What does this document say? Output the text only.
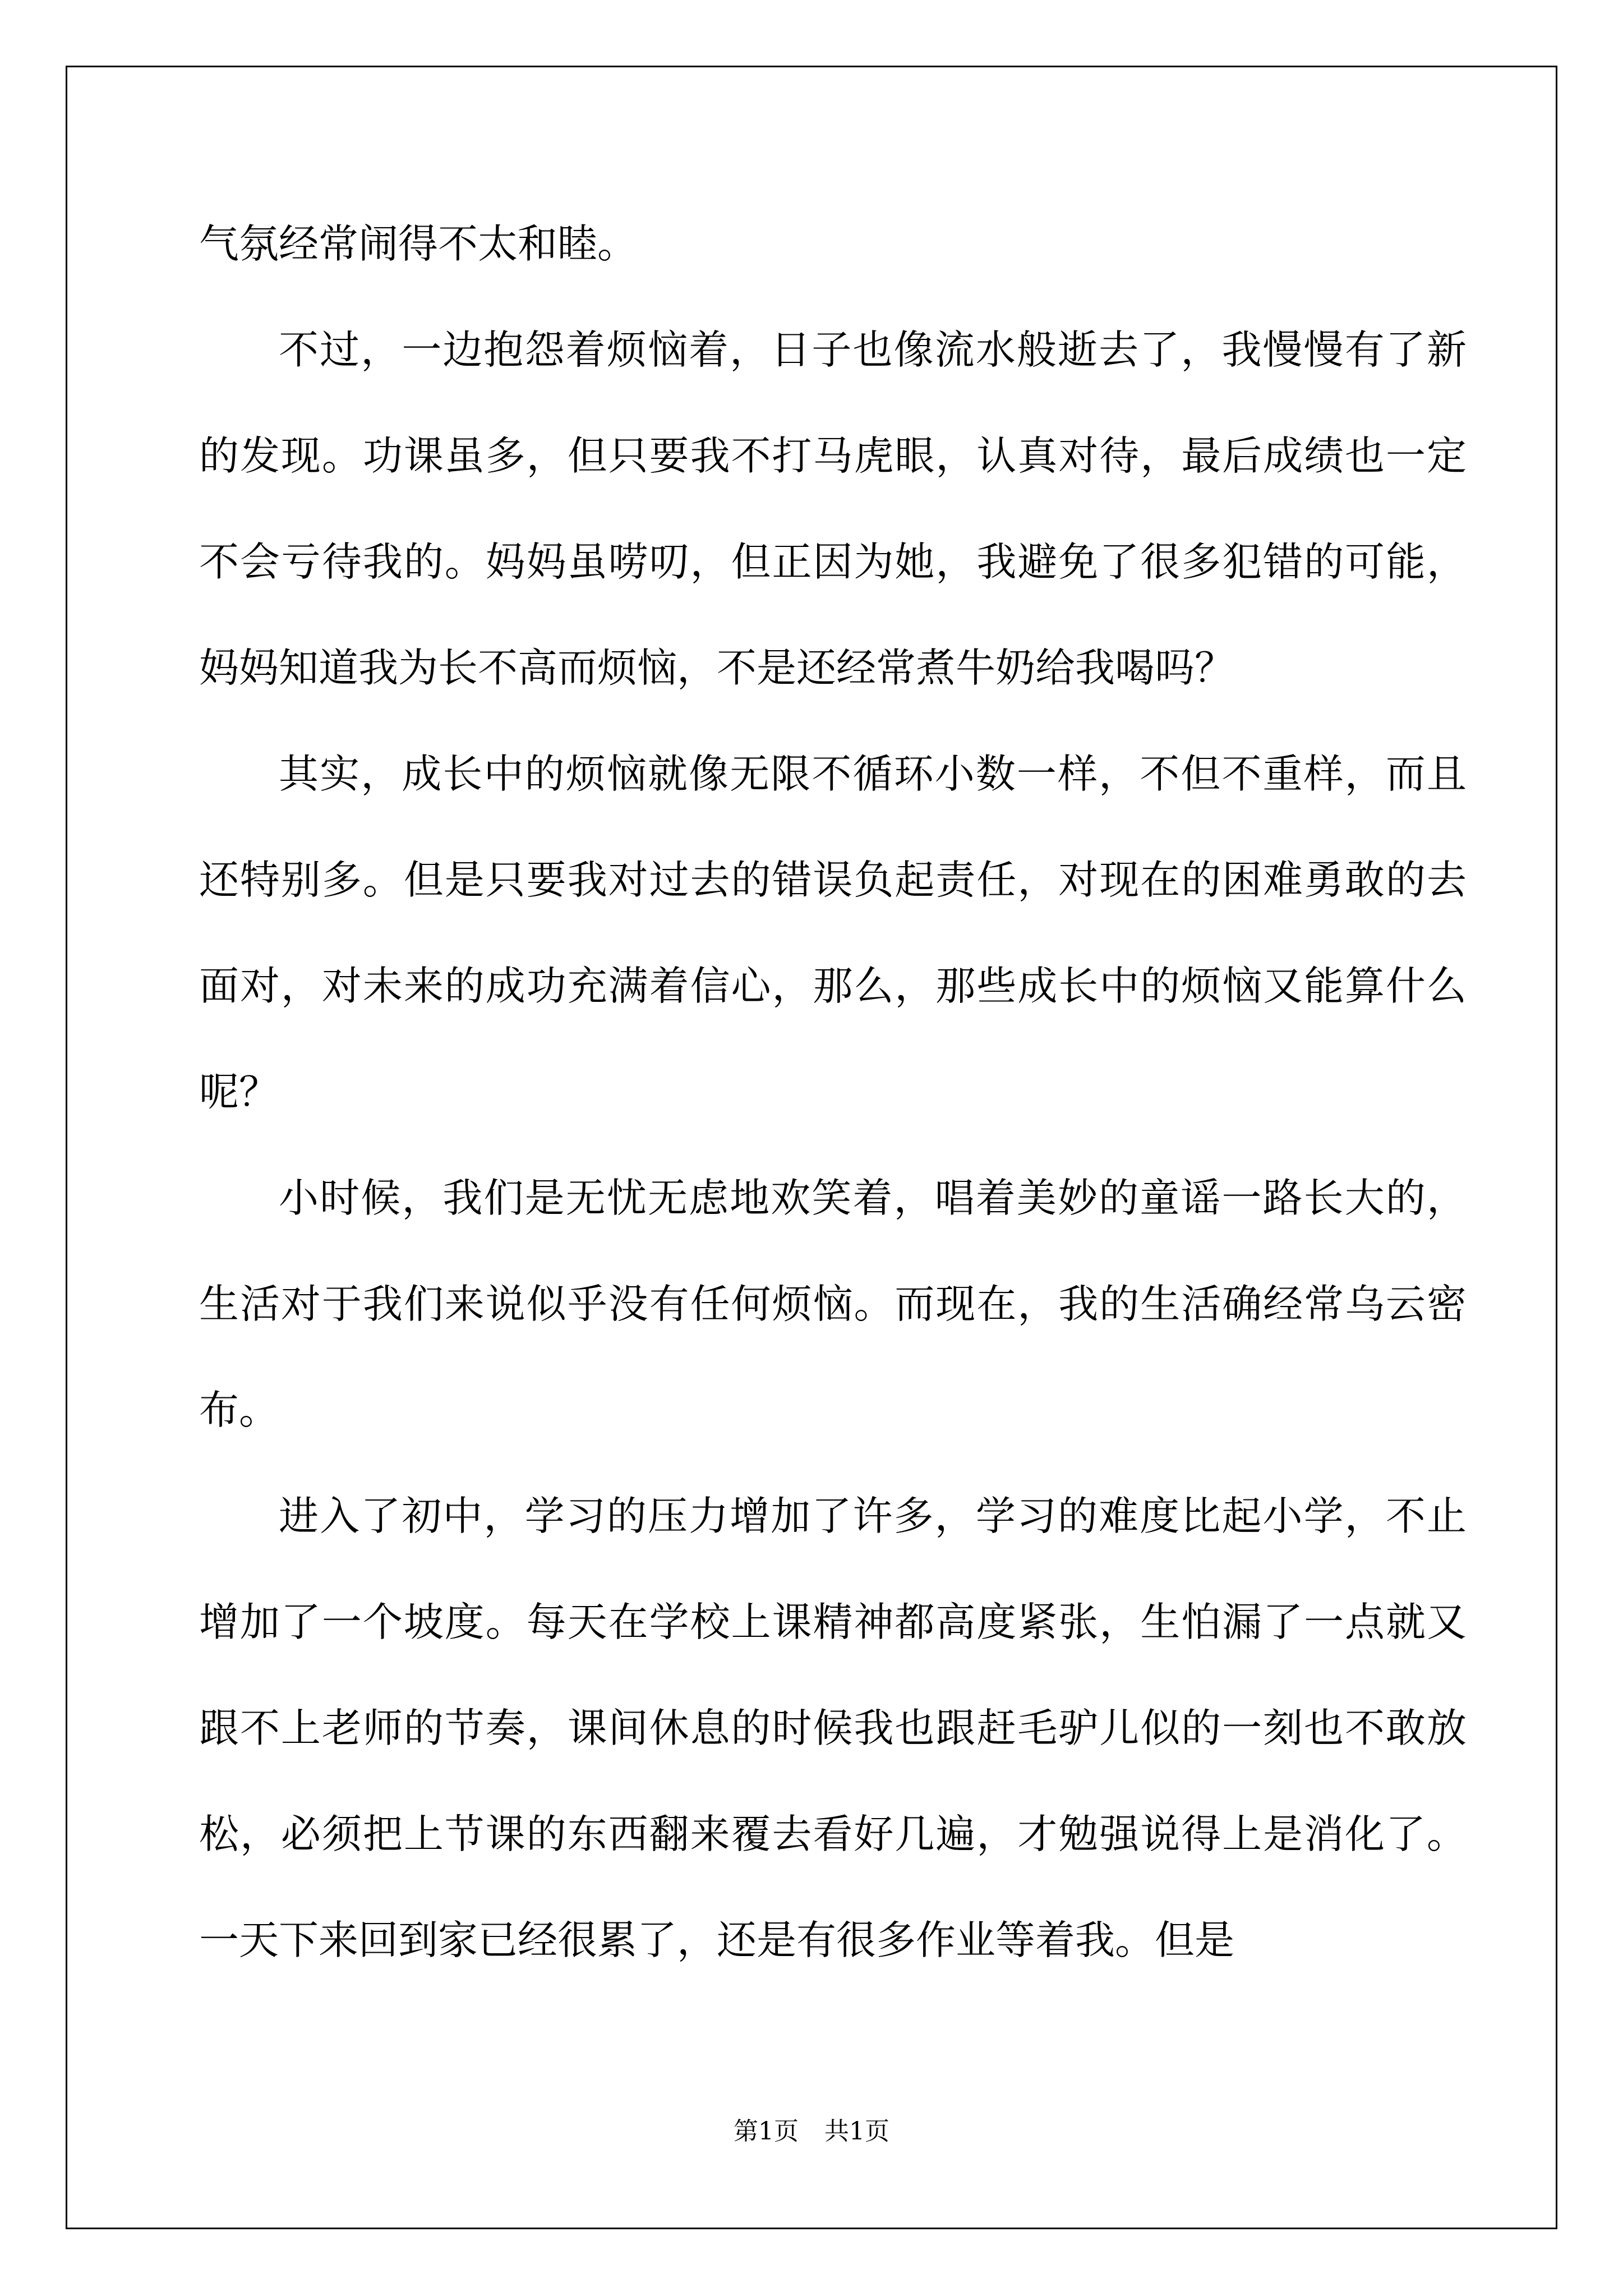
气氛经常闹得不太和睦。

不过，一边抱怨着烦恼着，日子也像流水般逝去了，我慢慢有了新的发现。功课虽多，但只要我不打马虎眼，认真对待，最后成绩也一定不会亏待我的。妈妈虽唠叨，但正因为她，我避免了很多犯错的可能，妈妈知道我为长不高而烦恼，不是还经常煮牛奶给我喝吗？

其实，成长中的烦恼就像无限不循环小数一样，不但不重样，而且还特别多。但是只要我对过去的错误负起责任，对现在的困难勇敢的去面对，对未来的成功充满着信心，那么，那些成长中的烦恼又能算什么呢？

小时候，我们是无忧无虑地欢笑着，唱着美妙的童谣一路长大的，生活对于我们来说似乎没有任何烦恼。而现在，我的生活确经常乌云密布。

进入了初中，学习的压力增加了许多，学习的难度比起小学，不止增加了一个坡度。每天在学校上课精神都高度紧张，生怕漏了一点就又跟不上老师的节奏，课间休息的时候我也跟赶毛驴儿似的一刻也不敢放松，必须把上节课的东西翻来覆去看好几遍，才勉强说得上是消化了。一天下来回到家已经很累了，还是有很多作业等着我。但是

第1页 共1页
